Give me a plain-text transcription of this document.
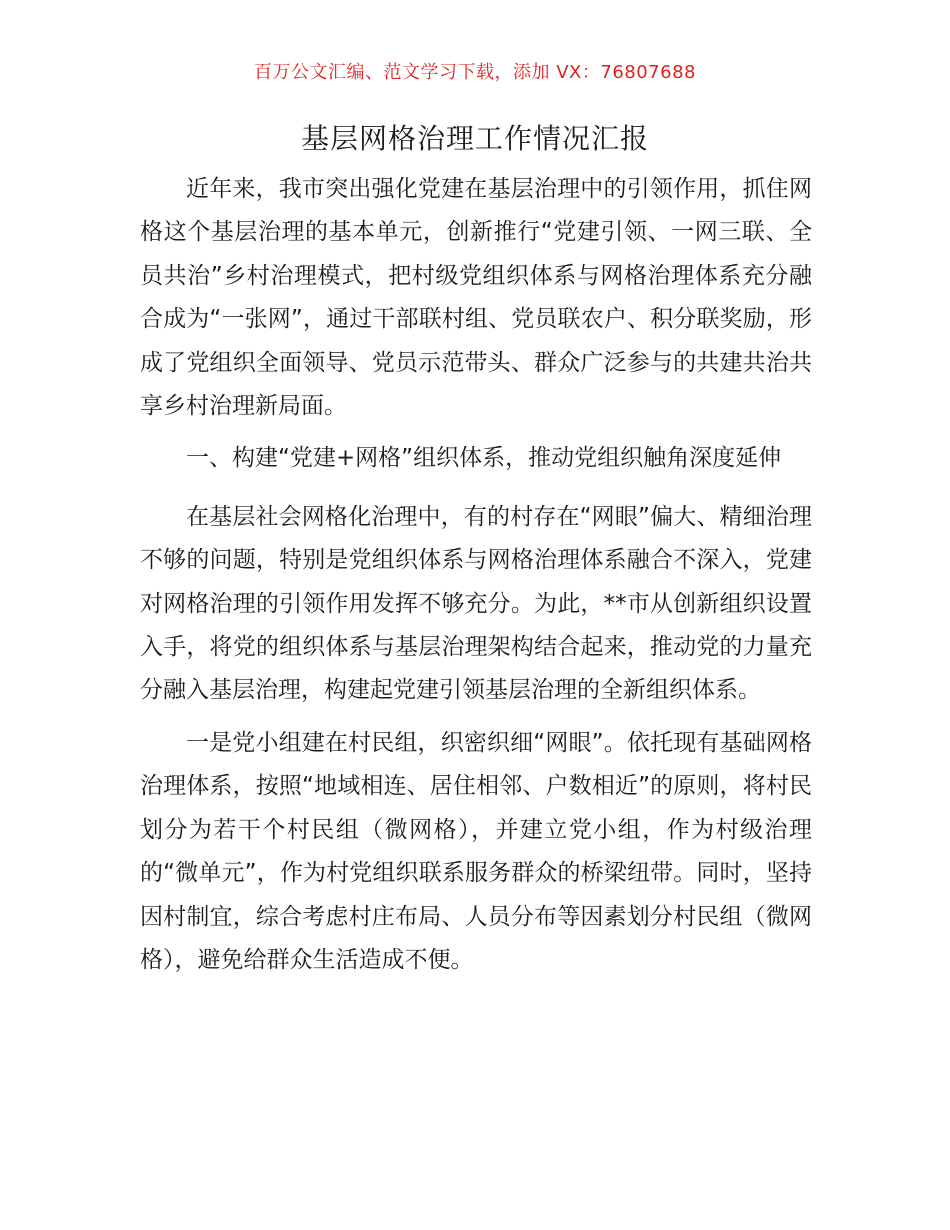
百万公文汇编、范文学习下载，添加 VX：76807688
基层网格治理工作情况汇报

近年来，我市突出强化党建在基层治理中的引领作用，抓住网格这个基层治理的基本单元，创新推行“党建引领、一网三联、全员共治”乡村治理模式，把村级党组织体系与网格治理体系充分融合成为“一张网”，通过干部联村组、党员联农户、积分联奖励，形成了党组织全面领导、党员示范带头、群众广泛参与的共建共治共享乡村治理新局面。

一、构建“党建+网格”组织体系，推动党组织触角深度延伸

在基层社会网格化治理中，有的村存在“网眼”偏大、精细治理不够的问题，特别是党组织体系与网格治理体系融合不深入，党建对网格治理的引领作用发挥不够充分。为此，**市从创新组织设置入手，将党的组织体系与基层治理架构结合起来，推动党的力量充分融入基层治理，构建起党建引领基层治理的全新组织体系。

一是党小组建在村民组，织密织细“网眼”。依托现有基础网格治理体系，按照“地域相连、居住相邻、户数相近”的原则，将村民划分为若干个村民组（微网格），并建立党小组，作为村级治理的“微单元”，作为村党组织联系服务群众的桥梁纽带。同时，坚持因村制宜，综合考虑村庄布局、人员分布等因素划分村民组（微网格），避免给群众生活造成不便。
